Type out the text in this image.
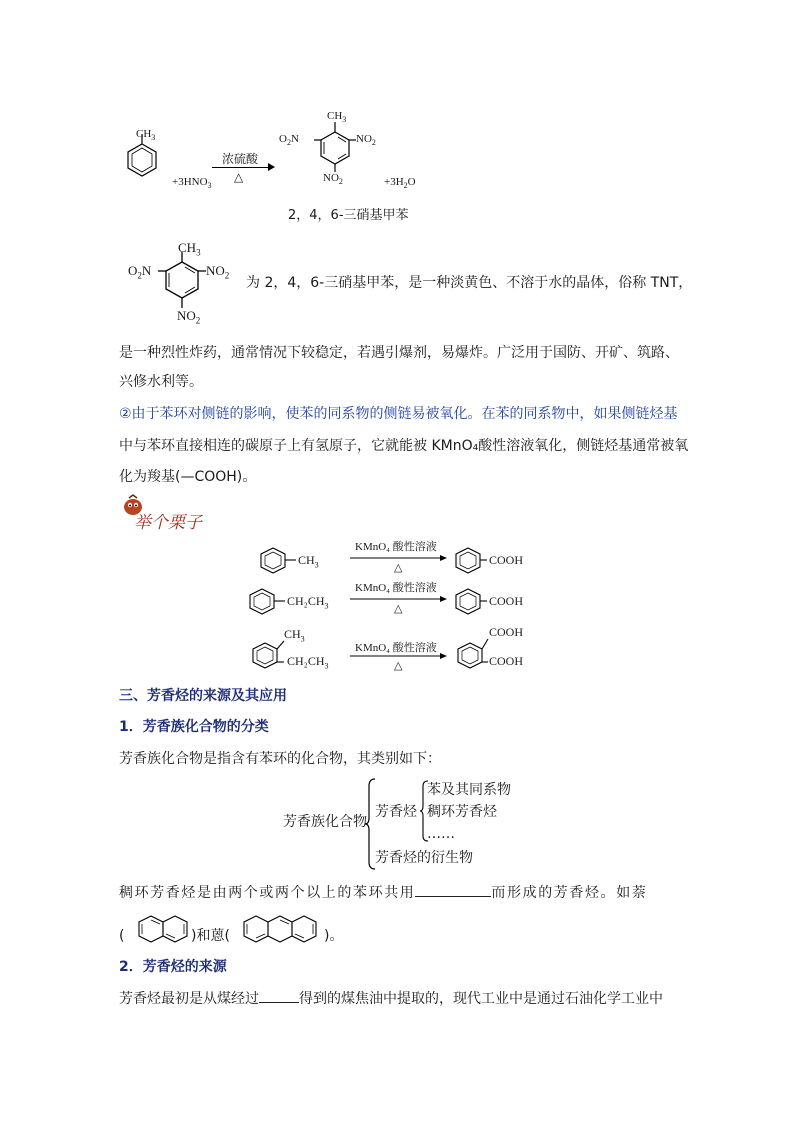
$CH_3$
$+3HNO_3$
浓硫酸
△
$CH_3$
$O_2N$	$NO_2$
$NO_2$	$+3H_2O$
2，4，6-三硝基甲苯
$CH_3$
$O_2N$	$NO_2$
$NO_2$
为 2，4，6-三硝基甲苯，是一种淡黄色、不溶于水的晶体，俗称 TNT，
是一种烈性炸药，通常情况下较稳定，若遇引爆剂，易爆炸。广泛用于国防、开矿、筑路、
兴修水利等。
②由于苯环对侧链的影响，使苯的同系物的侧链易被氧化。在苯的同系物中，如果侧链烃基
中与苯环直接相连的碳原子上有氢原子，它就能被 KMnO₄酸性溶液氧化，侧链烃基通常被氧
化为羧基(—COOH)。
举个栗子
$CH_3$
KMnO₄ 酸性溶液
△
COOH
$CH_2CH_3$
KMnO₄ 酸性溶液
△
COOH
$CH_3$
$CH_2CH_3$
KMnO₄ 酸性溶液
△
COOH
COOH
三、芳香烃的来源及其应用
1．芳香族化合物的分类
芳香族化合物是指含有苯环的化合物，其类别如下：
芳香族化合物
芳香烃
苯及其同系物
稠环芳香烃
……
芳香烃的衍生物
稠环芳香烃是由两个或两个以上的苯环共用	而形成的芳香烃。如萘
(	)和蒽(	)。
2．芳香烃的来源
芳香烃最初是从煤经过	得到的煤焦油中提取的，现代工业中是通过石油化学工业中
